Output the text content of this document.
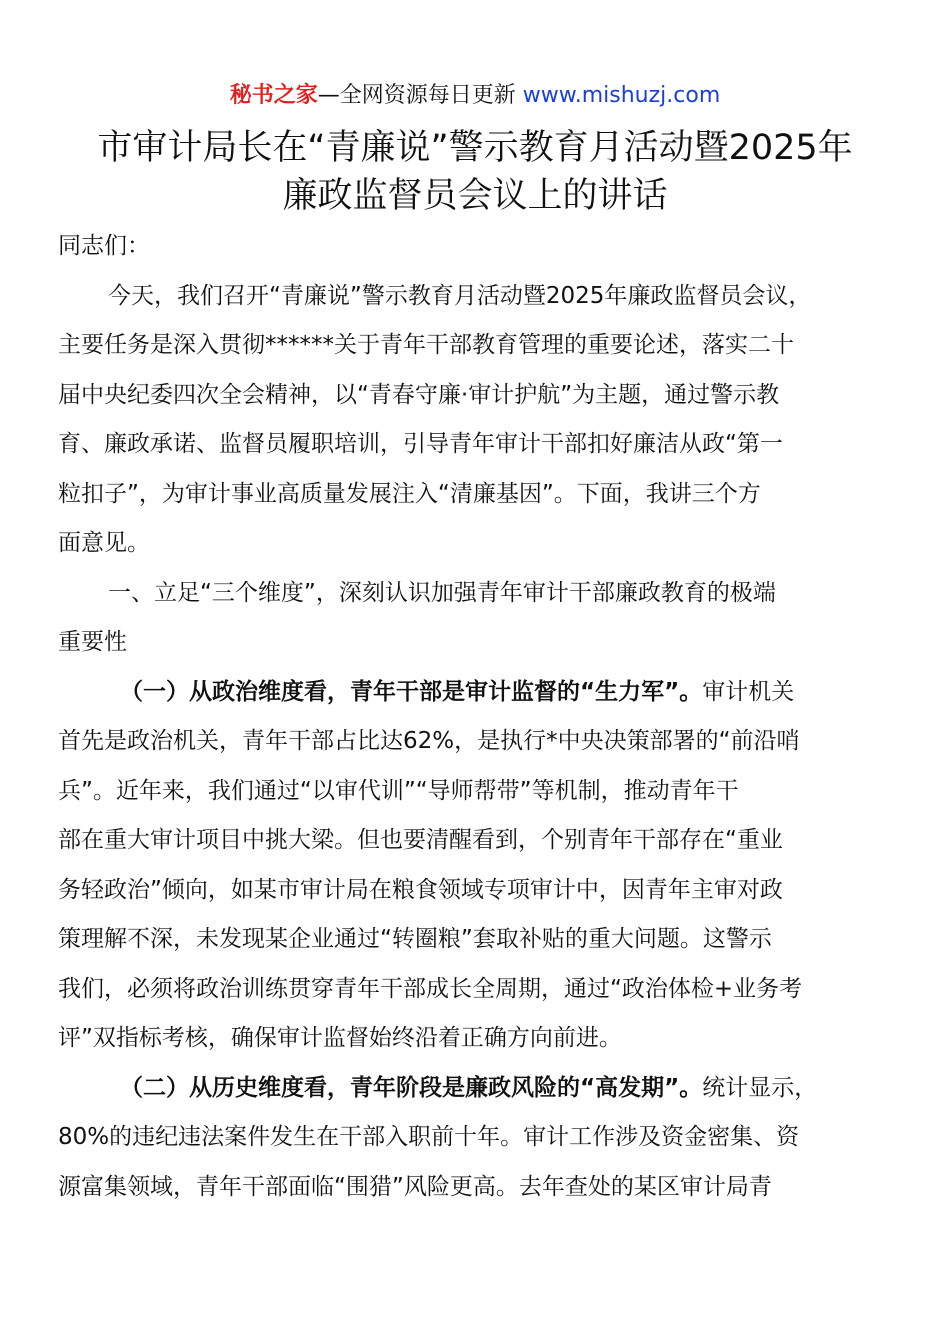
秘书之家—全网资源每日更新 www.mishuzj.com
市审计局长在“青廉说”警示教育月活动暨2025年
廉政监督员会议上的讲话
同志们：
今天，我们召开“青廉说”警示教育月活动暨2025年廉政监督员会议，
主要任务是深入贯彻******关于青年干部教育管理的重要论述，落实二十
届中央纪委四次全会精神，以“青春守廉·审计护航”为主题，通过警示教
育、廉政承诺、监督员履职培训，引导青年审计干部扣好廉洁从政“第一
粒扣子”，为审计事业高质量发展注入“清廉基因”。下面，我讲三个方
面意见。
一、立足“三个维度”，深刻认识加强青年审计干部廉政教育的极端
重要性
（一）从政治维度看，青年干部是审计监督的“生力军”。审计机关
首先是政治机关，青年干部占比达62%，是执行*中央决策部署的“前沿哨
兵”。近年来，我们通过“以审代训”“导师帮带”等机制，推动青年干
部在重大审计项目中挑大梁。但也要清醒看到，个别青年干部存在“重业
务轻政治”倾向，如某市审计局在粮食领域专项审计中，因青年主审对政
策理解不深，未发现某企业通过“转圈粮”套取补贴的重大问题。这警示
我们，必须将政治训练贯穿青年干部成长全周期，通过“政治体检+业务考
评”双指标考核，确保审计监督始终沿着正确方向前进。
（二）从历史维度看，青年阶段是廉政风险的“高发期”。统计显示，
80%的违纪违法案件发生在干部入职前十年。审计工作涉及资金密集、资
源富集领域，青年干部面临“围猎”风险更高。去年查处的某区审计局青
